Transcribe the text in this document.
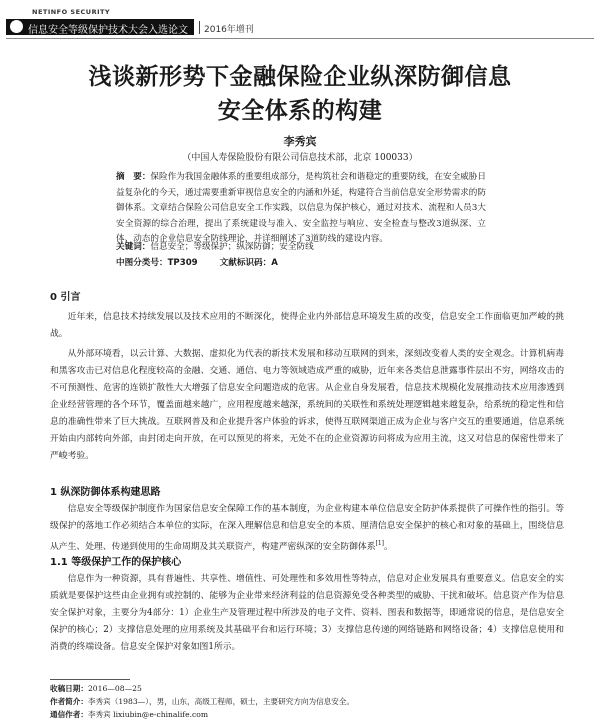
NETINFO SECURITY
信息安全等级保护技术大会入选论文 2016年增刊
浅谈新形势下金融保险企业纵深防御信息
安全体系的构建
李秀宾
（中国人寿保险股份有限公司信息技术部，北京 100033）
摘　要：保险作为我国金融体系的重要组成部分，是构筑社会和谐稳定的重要防线，在安全威胁日益复杂化的今天，通过需要重新审视信息安全的内涵和外延，构建符合当前信息安全形势需求的防御体系。文章结合保险公司信息安全工作实践，以信息为保护核心，通过对技术、流程和人员3大安全资源的综合治理，提出了系统建设与准入、安全监控与响应、安全检查与整改3道纵深、立体、动态的企业信息安全防线理论，并详细阐述了3道防线的建设内容。
关键词：信息安全；等级保护；纵深防御；安全防线
中图分类号：TP309	文献标识码：A
0 引言
近年来，信息技术持续发展以及技术应用的不断深化，使得企业内外部信息环境发生质的改变，信息安全工作面临更加严峻的挑战。
从外部环境看，以云计算、大数据、虚拟化为代表的新技术发展和移动互联网的到来，深刻改变着人类的安全观念。计算机病毒和黑客攻击已对信息化程度较高的金融、交通、通信、电力等领域造成严重的威胁，近年来各类信息泄露事件层出不穷，网络攻击的不可预测性、危害的连锁扩散性大大增强了信息安全问题造成的危害。从企业自身发展看，信息技术规模化发展推动技术应用渗透到企业经营管理的各个环节，覆盖面越来越广，应用程度越来越深，系统间的关联性和系统处理逻辑越来越复杂，给系统的稳定性和信息的准确性带来了巨大挑战。互联网普及和企业提升客户体验的诉求，使得互联网渠道正成为企业与客户交互的重要通道，信息系统开始由内部转向外部，由封闭走向开放，在可以预见的将来，无处不在的企业资源访问将成为应用主流，这又对信息的保密性带来了严峻考验。
1 纵深防御体系构建思路
信息安全等级保护制度作为国家信息安全保障工作的基本制度，为企业构建本单位信息安全防护体系提供了可操作性的指引。等级保护的落地工作必须结合本单位的实际，在深入理解信息和信息安全的本质、厘清信息安全保护的核心和对象的基础上，围绕信息从产生、处理、传递到使用的生命周期及其关联资产，构建严密纵深的安全防御体系[1]。
1.1 等级保护工作的保护核心
信息作为一种资源，具有普遍性、共享性、增值性、可处理性和多效用性等特点，信息对企业发展具有重要意义。信息安全的实质就是要保护这些由企业拥有或控制的、能够为企业带来经济利益的信息资源免受各种类型的威胁、干扰和破坏。信息资产作为信息安全保护对象，主要分为4部分：1）企业生产及管理过程中所涉及的电子文件、资料、图表和数据等，即通常说的信息，是信息安全保护的核心；2）支撑信息处理的应用系统及其基础平台和运行环境；3）支撑信息传递的网络链路和网络设备；4）支撑信息使用和消费的终端设备。信息安全保护对象如图1所示。
收稿日期：2016—08—25
作者简介：李秀宾（1983—），男，山东，高级工程师，硕士，主要研究方向为信息安全。
通信作者：李秀宾 lixiubin@e-chinalife.com
